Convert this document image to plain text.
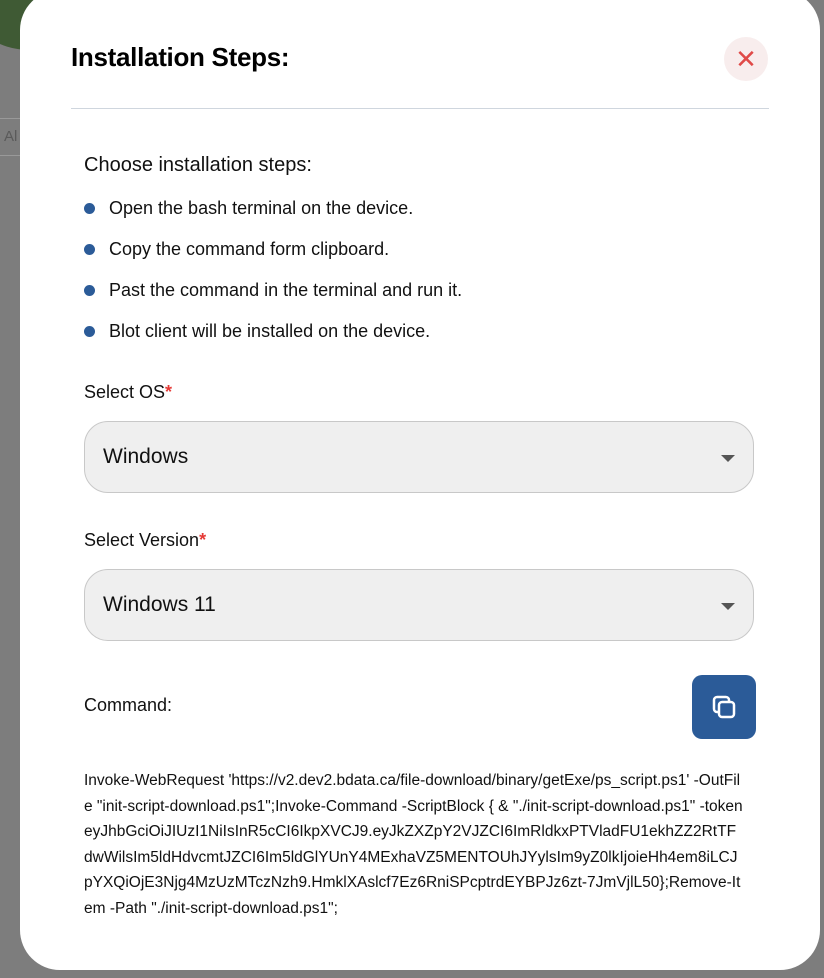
Al
Installation Steps:	✕
Choose installation steps:
Open the bash terminal on the device.
Copy the command form clipboard.
Past the command in the terminal and run it.
Blot client will be installed on the device.
Select OS*
Windows
Select Version*
Windows 11
Command:
Invoke-WebRequest 'https://v2.dev2.bdata.ca/file-download/binary/getExe/ps_script.ps1' -OutFile "init-script-download.ps1";Invoke-Command -ScriptBlock { & "./init-script-download.ps1" -token eyJhbGciOiJIUzI1NiIsInR5cCI6IkpXVCJ9.eyJkZXZpY2VJZCI6ImRldkxPTVladFU1ekhZZ2RtTFdwWilsIm5ldHdvcmtJZCI6Im5ldGlYUnY4MExhaVZ5MENTOUhJYylsIm9yZ0lkIjoieHh4em8iLCJpYXQiOjE3Njg4MzUzMTczNzh9.HmklXAslcf7Ez6RniSPcptrdEYBPJz6zt-7JmVjlL50};Remove-Item -Path "./init-script-download.ps1";
